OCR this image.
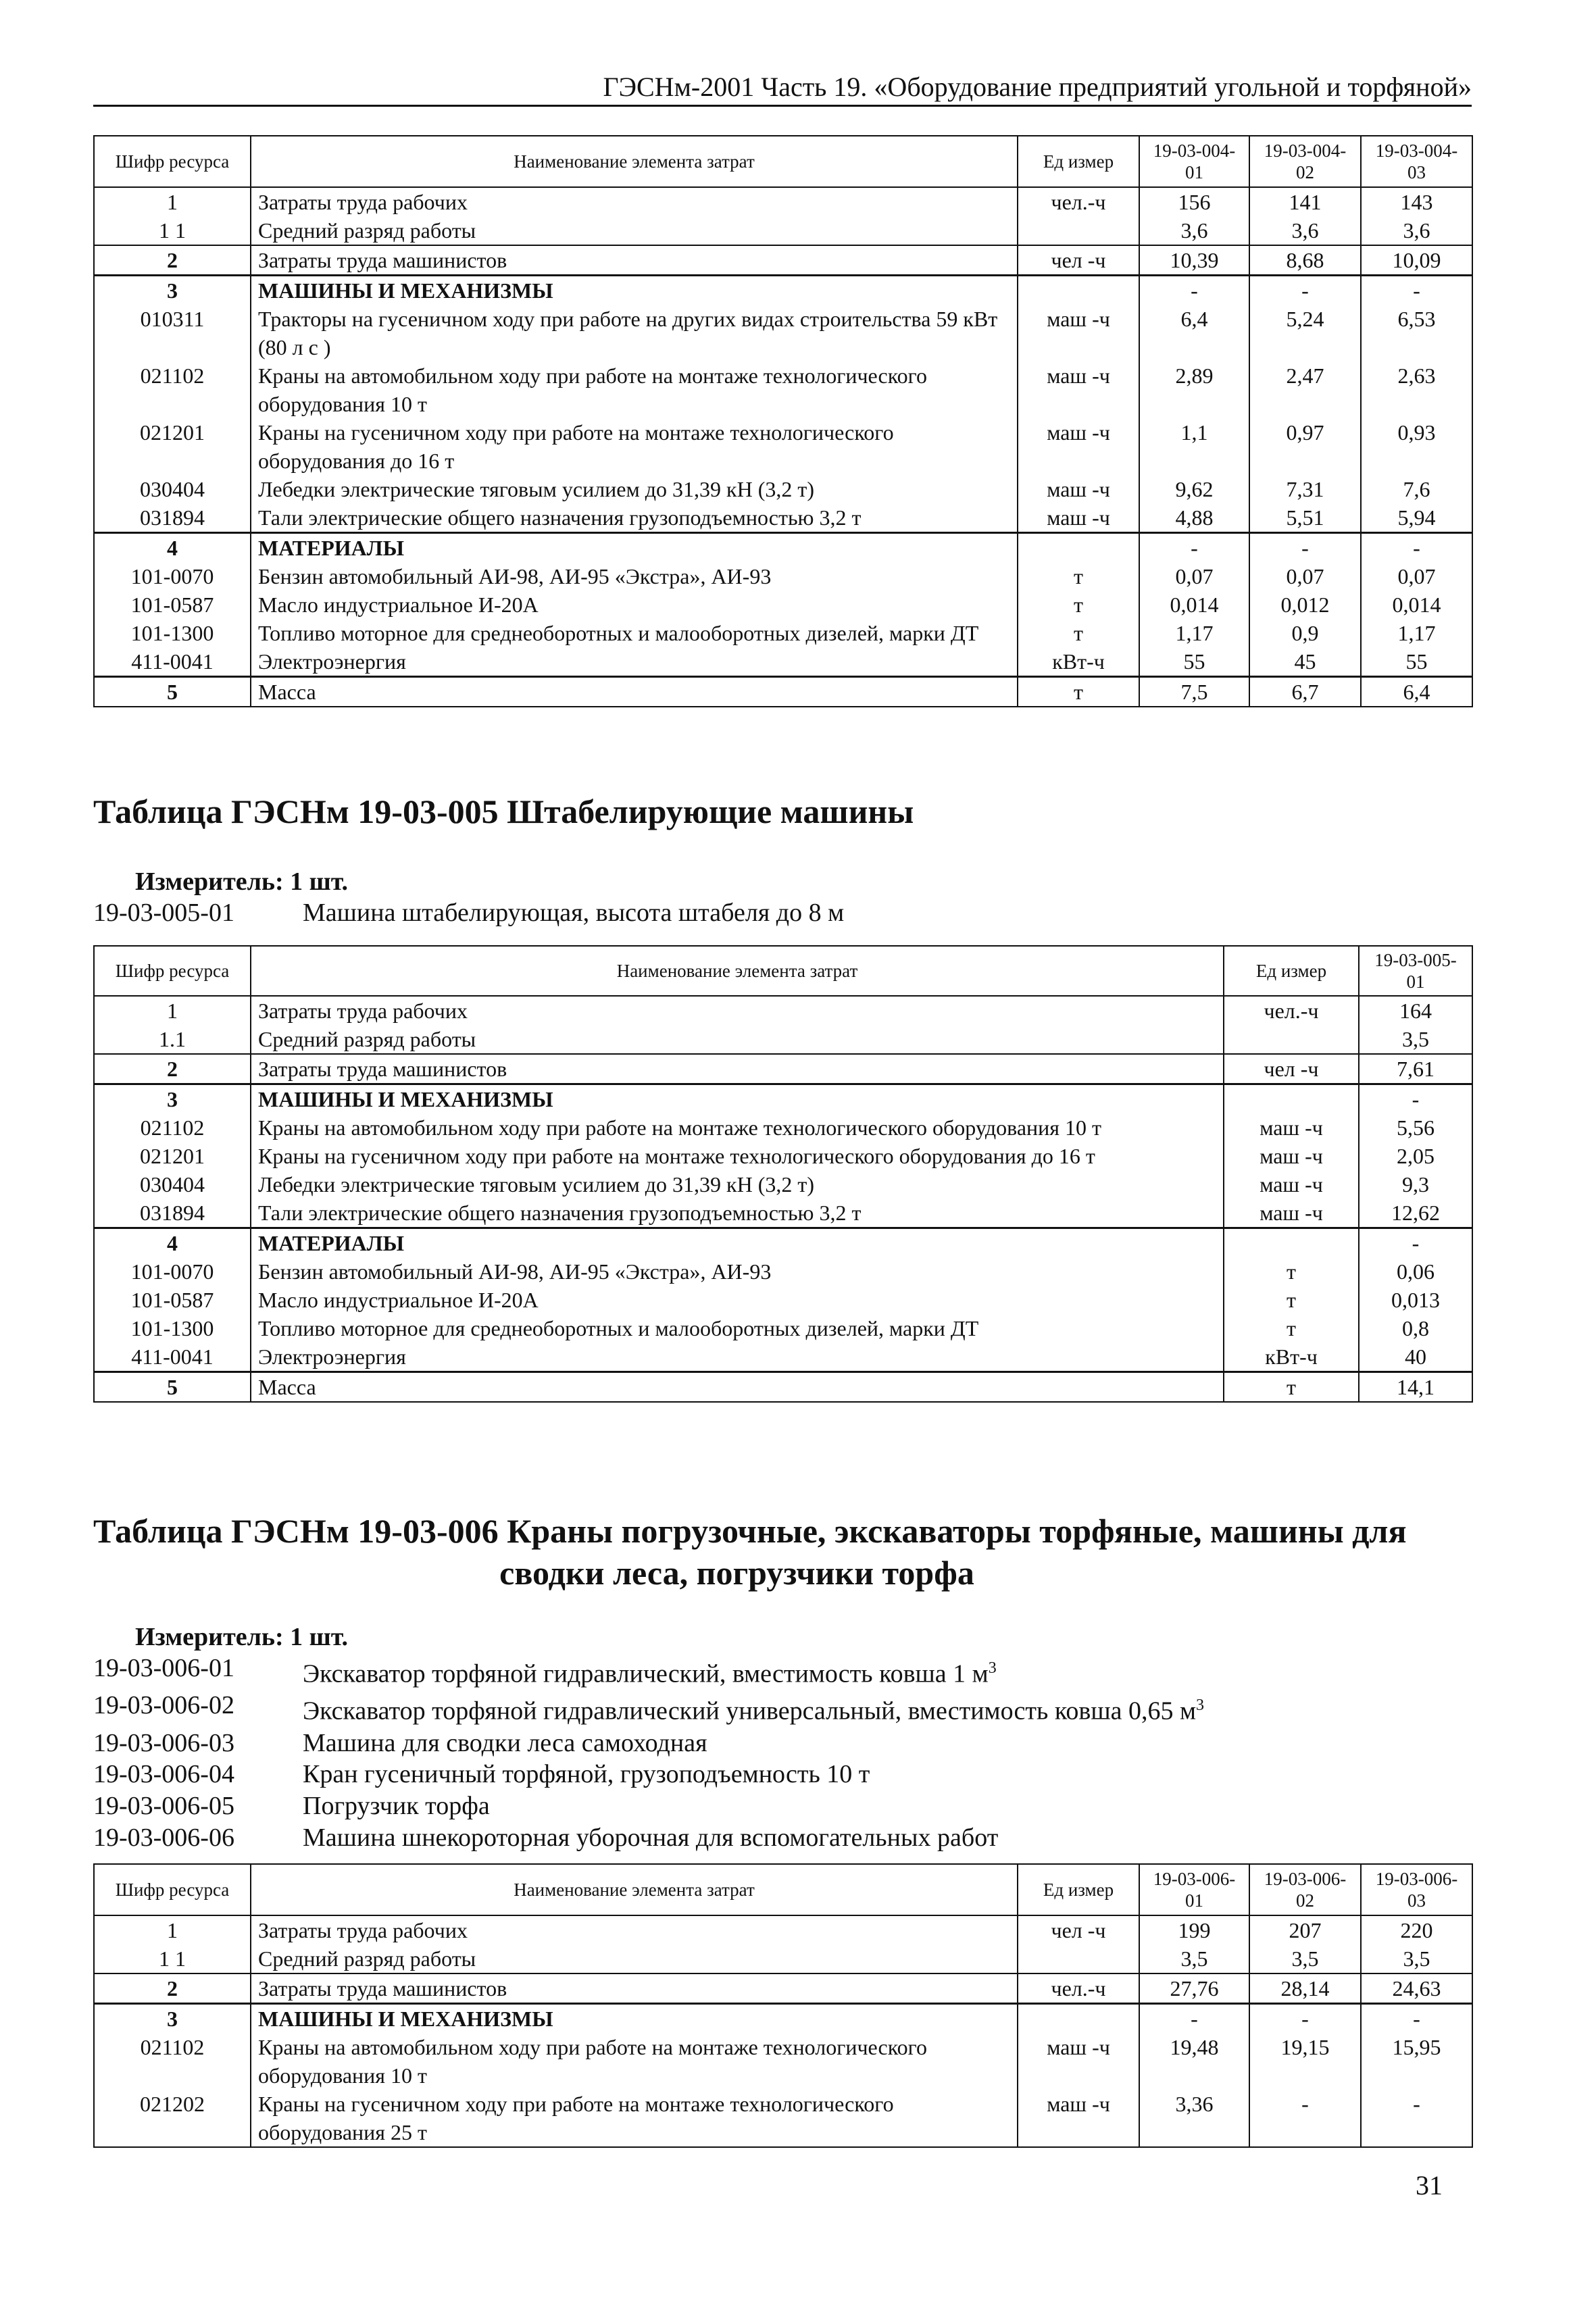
ГЭСНм-2001 Часть 19. «Оборудование предприятий угольной и торфяной»
Шифр ресурса	Наименование элемента затрат	Ед измер	19-03-004-01	19-03-004-02	19-03-004-03
1	Затраты труда рабочих	чел.-ч	156	141	143
1 1	Средний разряд работы		3,6	3,6	3,6
2	Затраты труда машинистов	чел -ч	10,39	8,68	10,09
3	МАШИНЫ И МЕХАНИЗМЫ		-	-	-
010311	Тракторы на гусеничном ходу при работе на других видах строительства 59 кВт (80 л с )	маш -ч	6,4	5,24	6,53
021102	Краны на автомобильном ходу при работе на монтаже технологического оборудования 10 т	маш -ч	2,89	2,47	2,63
021201	Краны на гусеничном ходу при работе на монтаже технологического оборудования до 16 т	маш -ч	1,1	0,97	0,93
030404	Лебедки электрические тяговым усилием до 31,39 кН (3,2 т)	маш -ч	9,62	7,31	7,6
031894	Тали электрические общего назначения грузоподъемностью 3,2 т	маш -ч	4,88	5,51	5,94
4	МАТЕРИАЛЫ		-	-	-
101-0070	Бензин автомобильный АИ-98, АИ-95 «Экстра», АИ-93	т	0,07	0,07	0,07
101-0587	Масло индустриальное И-20А	т	0,014	0,012	0,014
101-1300	Топливо моторное для среднеоборотных и малооборотных дизелей, марки ДТ	т	1,17	0,9	1,17
411-0041	Электроэнергия	кВт-ч	55	45	55
5	Масса	т	7,5	6,7	6,4
Таблица ГЭСНм 19-03-005 Штабелирующие машины
Измеритель: 1 шт.
19-03-005-01	Машина штабелирующая, высота штабеля до 8 м
Шифр ресурса	Наименование элемента затрат	Ед измер	19-03-005-01
1	Затраты труда рабочих	чел.-ч	164
1.1	Средний разряд работы		3,5
2	Затраты труда машинистов	чел -ч	7,61
3	МАШИНЫ И МЕХАНИЗМЫ		-
021102	Краны на автомобильном ходу при работе на монтаже технологического оборудования 10 т	маш -ч	5,56
021201	Краны на гусеничном ходу при работе на монтаже технологического оборудования до 16 т	маш -ч	2,05
030404	Лебедки электрические тяговым усилием до 31,39 кН (3,2 т)	маш -ч	9,3
031894	Тали электрические общего назначения грузоподъемностью 3,2 т	маш -ч	12,62
4	МАТЕРИАЛЫ		-
101-0070	Бензин автомобильный АИ-98, АИ-95 «Экстра», АИ-93	т	0,06
101-0587	Масло индустриальное И-20А	т	0,013
101-1300	Топливо моторное для среднеоборотных и малооборотных дизелей, марки ДТ	т	0,8
411-0041	Электроэнергия	кВт-ч	40
5	Масса	т	14,1
Таблица ГЭСНм 19-03-006 Краны погрузочные, экскаваторы торфяные, машины для
сводки леса, погрузчики торфа
Измеритель: 1 шт.
19-03-006-01	Экскаватор торфяной гидравлический, вместимость ковша 1 $м^3$
19-03-006-02	Экскаватор торфяной гидравлический универсальный, вместимость ковша 0,65 $м^3$
19-03-006-03	Машина для сводки леса самоходная
19-03-006-04	Кран гусеничный торфяной, грузоподъемность 10 т
19-03-006-05	Погрузчик торфа
19-03-006-06	Машина шнекороторная уборочная для вспомогательных работ
Шифр ресурса	Наименование элемента затрат	Ед измер	19-03-006-01	19-03-006-02	19-03-006-03
1	Затраты труда рабочих	чел -ч	199	207	220
1 1	Средний разряд работы		3,5	3,5	3,5
2	Затраты труда машинистов	чел.-ч	27,76	28,14	24,63
3	МАШИНЫ И МЕХАНИЗМЫ		-	-	-
021102	Краны на автомобильном ходу при работе на монтаже технологического оборудования 10 т	маш -ч	19,48	19,15	15,95
021202	Краны на гусеничном ходу при работе на монтаже технологического оборудования 25 т	маш -ч	3,36	-	-
31
